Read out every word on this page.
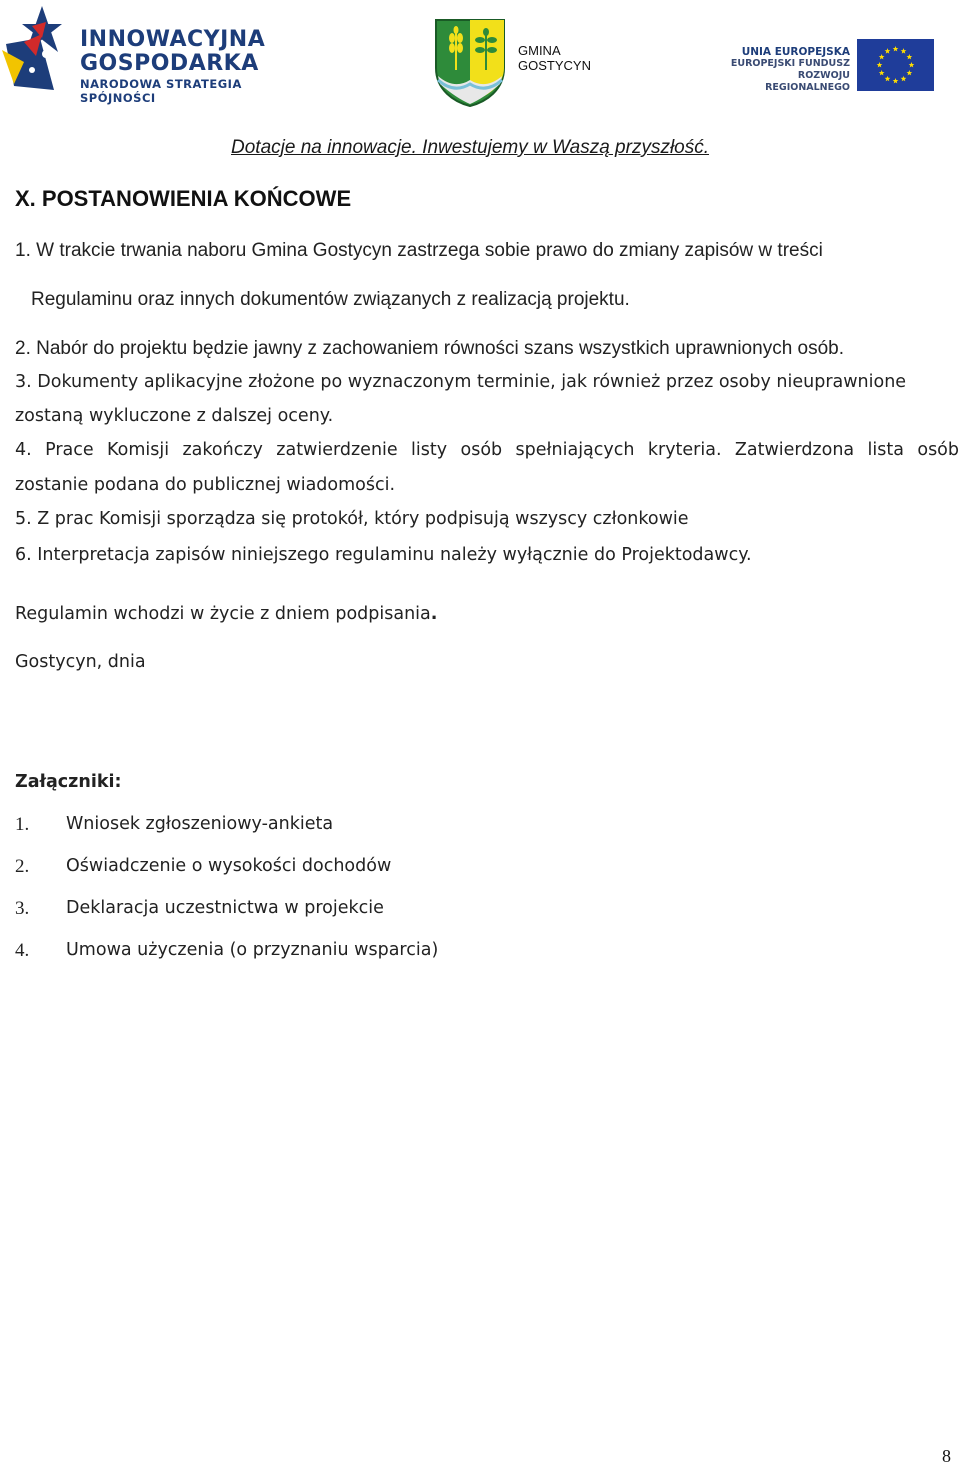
INNOWACYJNA
GOSPODARKA
NARODOWA STRATEGIA SPÓJNOŚCI
GMINA
GOSTYCYN
UNIA EUROPEJSKA
EUROPEJSKI FUNDUSZ
ROZWOJU REGIONALNEGO
Dotacje na innowacje. Inwestujemy w Waszą przyszłość.
X. POSTANOWIENIA KOŃCOWE
1. W trakcie trwania naboru Gmina Gostycyn zastrzega sobie prawo do zmiany zapisów w treści
Regulaminu oraz innych dokumentów związanych z realizacją projektu.
2. Nabór do projektu będzie jawny z zachowaniem równości szans wszystkich uprawnionych osób.
3. Dokumenty aplikacyjne złożone po wyznaczonym terminie, jak również przez osoby nieuprawnione
zostaną wykluczone z dalszej oceny.
4. Prace Komisji zakończy zatwierdzenie listy osób spełniających kryteria. Zatwierdzona lista osób
zostanie podana do publicznej wiadomości.
5. Z prac Komisji sporządza się protokół, który podpisują wszyscy członkowie
6. Interpretacja zapisów niniejszego regulaminu należy wyłącznie do Projektodawcy.
Regulamin wchodzi w życie z dniem podpisania.
Gostycyn, dnia
Załączniki:
1. Wniosek zgłoszeniowy-ankieta
2. Oświadczenie o wysokości dochodów
3. Deklaracja uczestnictwa w projekcie
4. Umowa użyczenia (o przyznaniu wsparcia)
8
